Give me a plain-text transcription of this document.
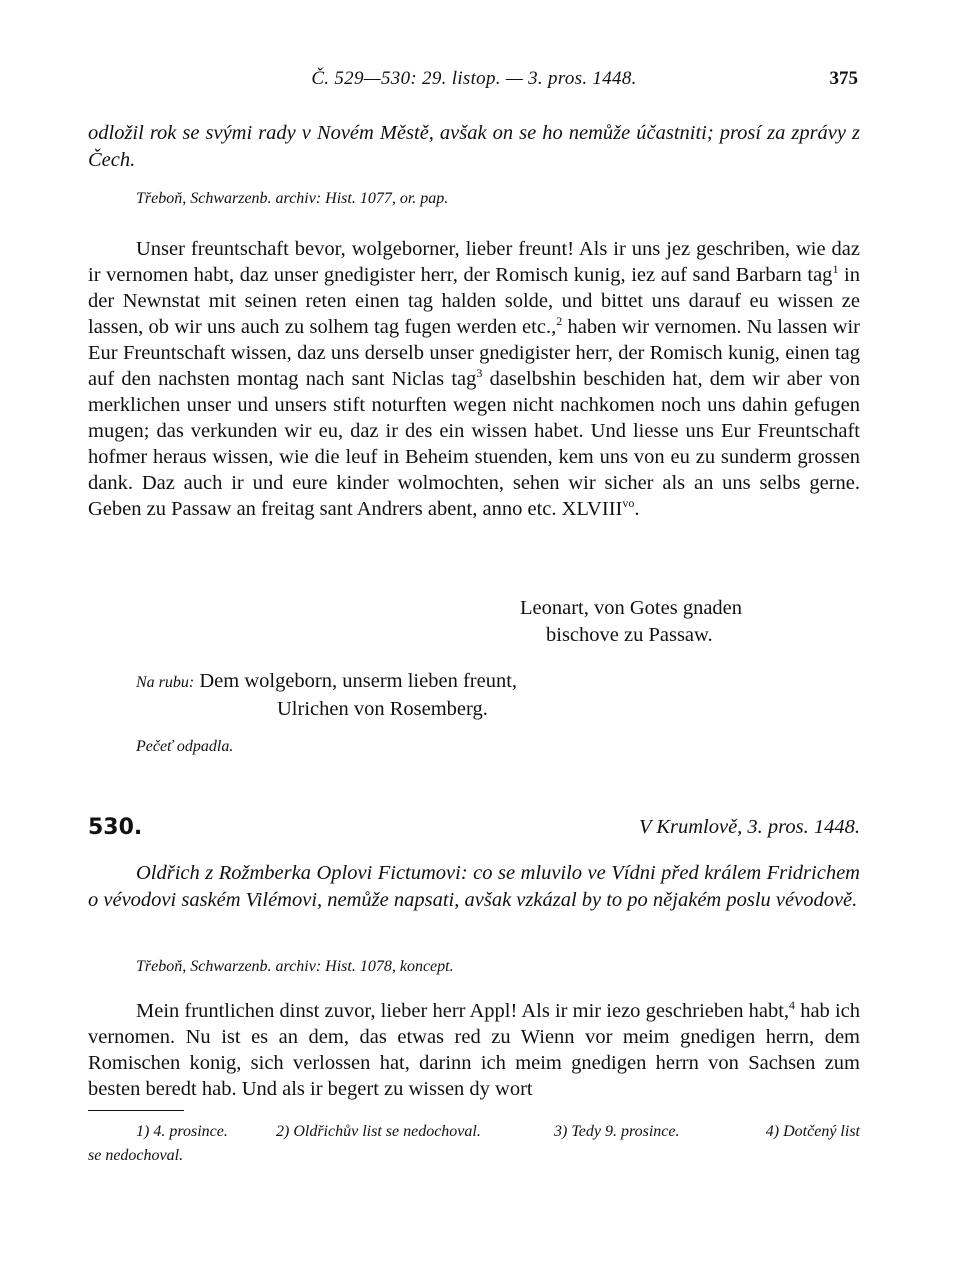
Č. 529—530: 29. listop. — 3. pros. 1448.	375
odložil rok se svými rady v Novém Městě, avšak on se ho nemůže účastniti; prosí za zprávy z Čech.
Třeboň, Schwarzenb. archiv: Hist. 1077, or. pap.

Unser freuntschaft bevor, wolgeborner, lieber freunt! Als ir uns jez geschriben, wie daz ir vernomen habt, daz unser gnedigister herr, der Romisch kunig, iez auf sand Barbarn tag$^1$ in der Newnstat mit seinen reten einen tag halden solde, und bittet uns darauf eu wissen ze lassen, ob wir uns auch zu solhem tag fugen werden etc.,$^2$ haben wir vernomen. Nu lassen wir Eur Freuntschaft wissen, daz uns derselb unser gnedigister herr, der Romisch kunig, einen tag auf den nachsten montag nach sant Niclas tag$^3$ daselbshin beschiden hat, dem wir aber von merklichen unser und unsers stift noturften wegen nicht nachkomen noch uns dahin gefugen mugen; das verkunden wir eu, daz ir des ein wissen habet. Und liesse uns Eur Freuntschaft hofmer heraus wissen, wie die leuf in Beheim stuenden, kem uns von eu zu sunderm grossen dank. Daz auch ir und eure kinder wolmochten, sehen wir sicher als an uns selbs gerne. Geben zu Passaw an freitag sant Andrers abent, anno etc. $XLVIII^{vo}$.

Leonart, von Gotes gnaden
bischove zu Passaw.
Na rubu: Dem wolgeborn, unserm lieben freunt,
Ulrichen von Rosemberg.
Pečeť odpadla.
530.	V Krumlově, 3. pros. 1448.
Oldřich z Rožmberka Oplovi Fictumovi: co se mluvilo ve Vídni před králem Fridrichem o vévodovi saském Vilémovi, nemůže napsati, avšak vzkázal by to po nějakém poslu vévodově.
Třeboň, Schwarzenb. archiv: Hist. 1078, koncept.

Mein fruntlichen dinst zuvor, lieber herr Appl! Als ir mir iezo geschrieben habt,$^4$ hab ich vernomen. Nu ist es an dem, das etwas red zu Wienn vor meim gnedigen herrn, dem Romischen konig, sich verlossen hat, darinn ich meim gnedigen herrn von Sachsen zum besten beredt hab. Und als ir begert zu wissen dy wort

1) 4. prosince.	2) Oldřichův list se nedochoval.	3) Tedy 9. prosince.	4) Dotčený list
se nedochoval.
